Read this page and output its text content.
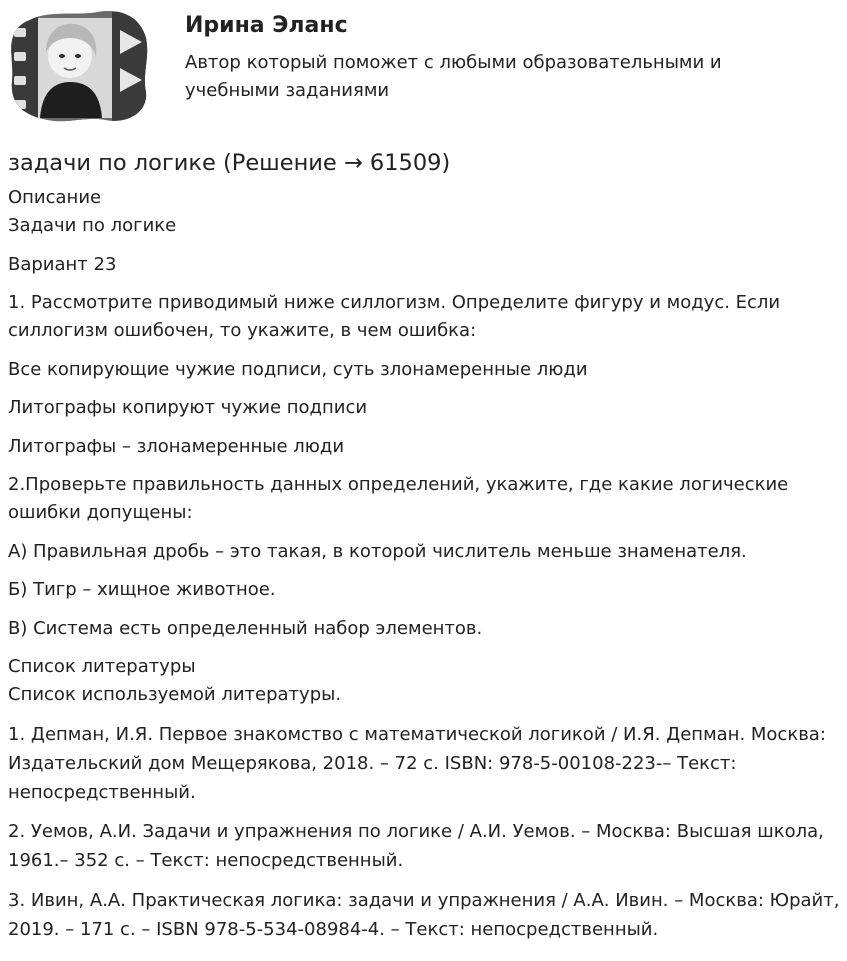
Ирина Эланс
Автор который поможет с любыми образовательными и учебными заданиями
задачи по логике (Решение → 61509)
Описание

Задачи по логике

Вариант 23

1. Рассмотрите приводимый ниже силлогизм. Определите фигуру и модус. Если силлогизм ошибочен, то укажите, в чем ошибка:

Все копирующие чужие подписи, суть злонамеренные люди

Литографы копируют чужие подписи

Литографы – злонамеренные люди

2.Проверьте правильность данных определений, укажите, где какие логические ошибки допущены:

А) Правильная дробь – это такая, в которой числитель меньше знаменателя.

Б) Тигр – хищное животное.

В) Система есть определенный набор элементов.

Список литературы

Список используемой литературы.

1. Депман, И.Я. Первое знакомство с математической логикой / И.Я. Депман. Москва: Издательский дом Мещерякова, 2018. – 72 с. ISBN: 978-5-00108-223-– Текст: непосредственный.

2. Уемов, А.И. Задачи и упражнения по логике / А.И. Уемов. – Москва: Высшая школа, 1961.– 352 с. – Текст: непосредственный.

3. Ивин, А.А. Практическая логика: задачи и упражнения / А.А. Ивин. – Москва: Юрайт, 2019. – 171 с. – ISBN 978-5-534-08984-4. – Текст: непосредственный.
